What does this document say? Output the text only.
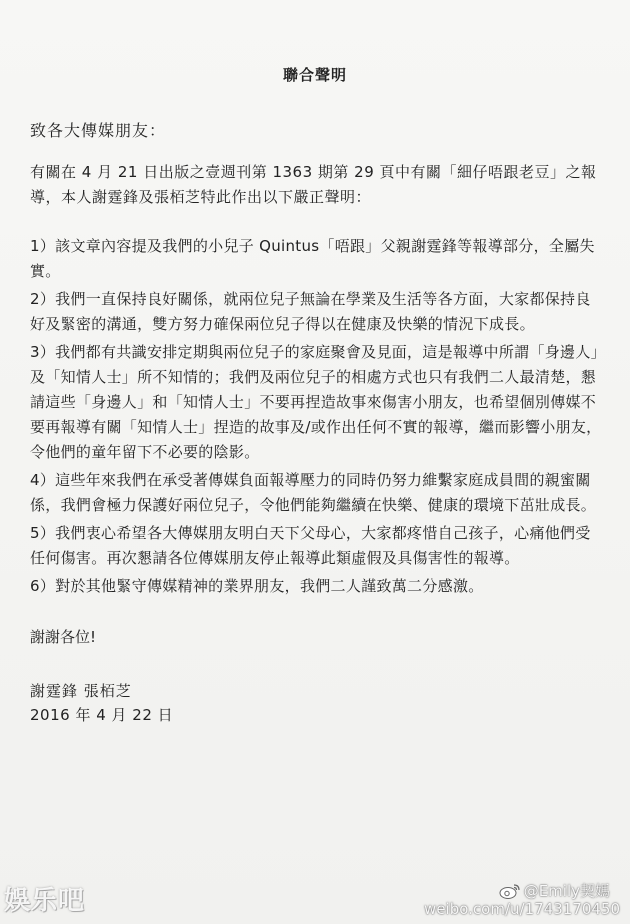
聯合聲明
致各大傳媒朋友：
有關在 4 月 21 日出版之壹週刊第 1363 期第 29 頁中有關「細仔唔跟老豆」之報導，本人謝霆鋒及張栢芝特此作出以下嚴正聲明：

1）該文章內容提及我們的小兒子 Quintus「唔跟」父親謝霆鋒等報導部分，全屬失實。

2）我們一直保持良好關係，就兩位兒子無論在學業及生活等各方面，大家都保持良好及緊密的溝通，雙方努力確保兩位兒子得以在健康及快樂的情況下成長。

3）我們都有共識安排定期與兩位兒子的家庭聚會及見面，這是報導中所謂「身邊人」及「知情人士」所不知情的；我們及兩位兒子的相處方式也只有我們二人最清楚，懇請這些「身邊人」和「知情人士」不要再捏造故事來傷害小朋友，也希望個別傳媒不要再報導有關「知情人士」捏造的故事及/或作出任何不實的報導，繼而影響小朋友，令他們的童年留下不必要的陰影。

4）這些年來我們在承受著傳媒負面報導壓力的同時仍努力維繫家庭成員間的親蜜關係，我們會極力保護好兩位兒子，令他們能夠繼續在快樂、健康的環境下茁壯成長。

5）我們衷心希望各大傳媒朋友明白天下父母心，大家都疼惜自己孩子，心痛他們受任何傷害。再次懇請各位傳媒朋友停止報導此類虛假及具傷害性的報導。

6）對於其他緊守傳媒精神的業界朋友，我們二人謹致萬二分感激。

謝謝各位!
謝霆鋒 張栢芝
2016 年 4 月 22 日
娛乐吧	@Emily契媽
weibo.com/u/1743170450
